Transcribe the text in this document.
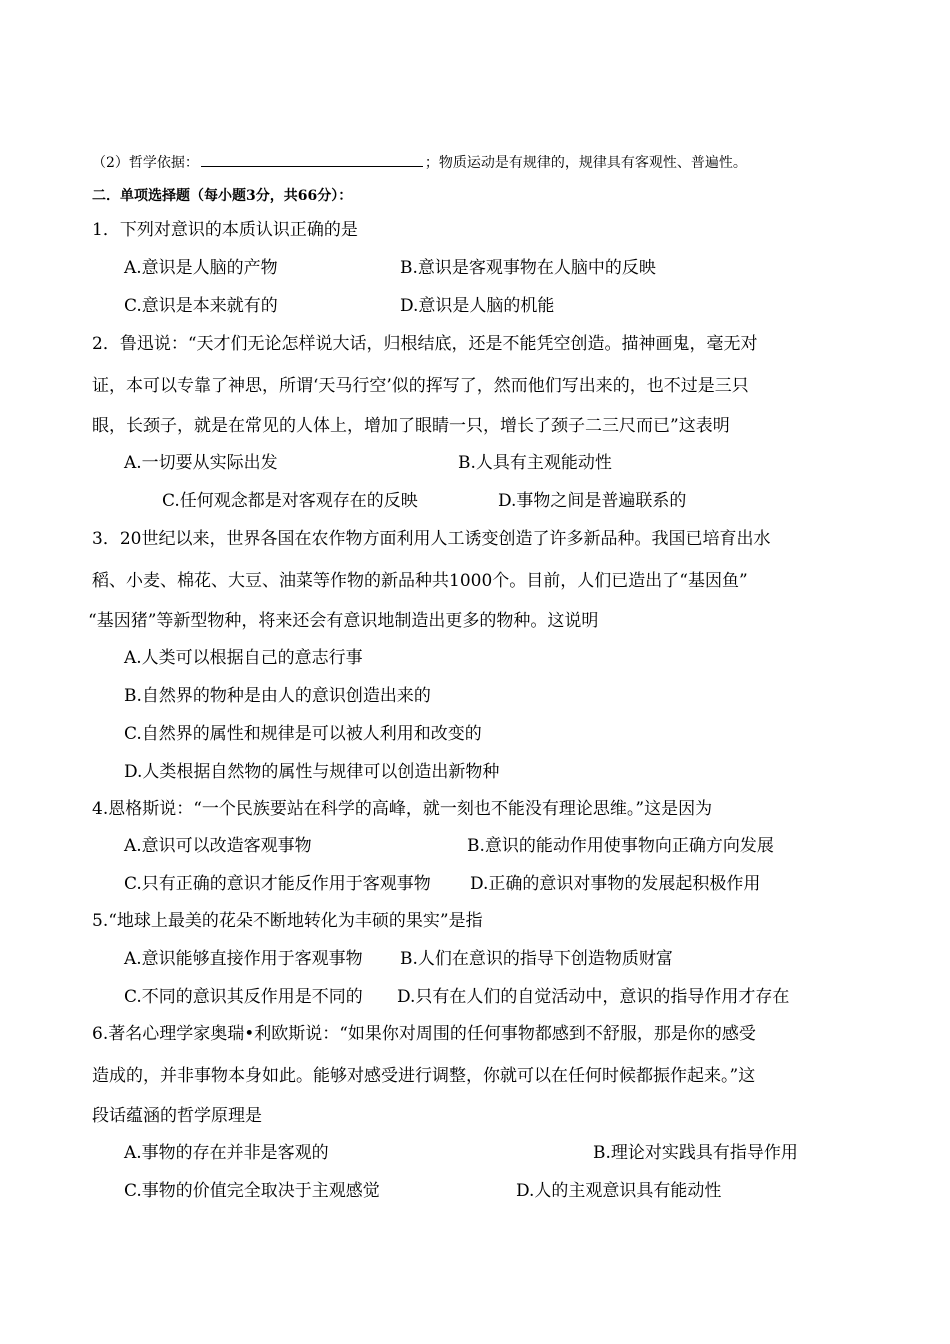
（2）哲学依据：	；物质运动是有规律的，规律具有客观性、普遍性。
二．单项选择题（每小题3分，共66分）：
1．下列对意识的本质认识正确的是
A.意识是人脑的产物	B.意识是客观事物在人脑中的反映
C.意识是本来就有的	D.意识是人脑的机能
2．鲁迅说：“天才们无论怎样说大话，归根结底，还是不能凭空创造。描神画鬼，毫无对
证，本可以专靠了神思，所谓‘天马行空’似的挥写了，然而他们写出来的，也不过是三只
眼，长颈子，就是在常见的人体上，增加了眼睛一只，增长了颈子二三尺而已”这表明
A.一切要从实际出发	B.人具有主观能动性
C.任何观念都是对客观存在的反映	D.事物之间是普遍联系的
3．20世纪以来，世界各国在农作物方面利用人工诱变创造了许多新品种。我国已培育出水
稻、小麦、棉花、大豆、油菜等作物的新品种共1000个。目前，人们已造出了“基因鱼”
“基因猪”等新型物种，将来还会有意识地制造出更多的物种。这说明
A.人类可以根据自己的意志行事
B.自然界的物种是由人的意识创造出来的
C.自然界的属性和规律是可以被人利用和改变的
D.人类根据自然物的属性与规律可以创造出新物种
4.恩格斯说：“一个民族要站在科学的高峰，就一刻也不能没有理论思维。”这是因为
A.意识可以改造客观事物	B.意识的能动作用使事物向正确方向发展
C.只有正确的意识才能反作用于客观事物 D.正确的意识对事物的发展起积极作用
5.“地球上最美的花朵不断地转化为丰硕的果实”是指
A.意识能够直接作用于客观事物 B.人们在意识的指导下创造物质财富
C.不同的意识其反作用是不同的 D.只有在人们的自觉活动中，意识的指导作用才存在
6.著名心理学家奥瑞•利欧斯说：“如果你对周围的任何事物都感到不舒服，那是你的感受
造成的，并非事物本身如此。能够对感受进行调整，你就可以在任何时候都振作起来。”这
段话蕴涵的哲学原理是
A.事物的存在并非是客观的	B.理论对实践具有指导作用
C.事物的价值完全取决于主观感觉	D.人的主观意识具有能动性
